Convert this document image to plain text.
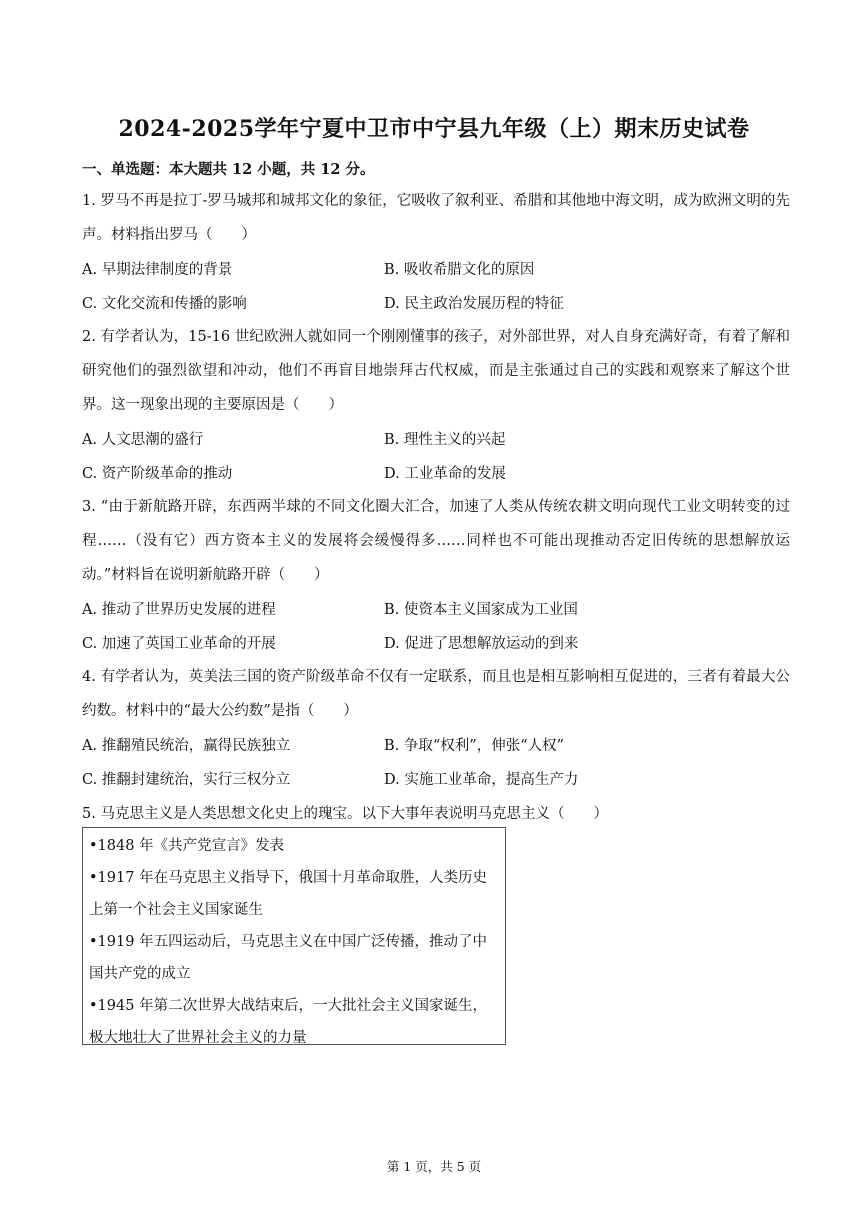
2024-2025学年宁夏中卫市中宁县九年级（上）期末历史试卷
一、单选题：本大题共 12 小题，共 12 分。
1. 罗马不再是拉丁-罗马城邦和城邦文化的象征，它吸收了叙利亚、希腊和其他地中海文明，成为欧洲文明的先声。材料指出罗马（　　）
A. 早期法律制度的背景	B. 吸收希腊文化的原因
C. 文化交流和传播的影响	D. 民主政治发展历程的特征
2. 有学者认为，15-16 世纪欧洲人就如同一个刚刚懂事的孩子，对外部世界，对人自身充满好奇，有着了解和研究他们的强烈欲望和冲动，他们不再盲目地崇拜古代权威，而是主张通过自己的实践和观察来了解这个世界。这一现象出现的主要原因是（　　）
A. 人文思潮的盛行	B. 理性主义的兴起
C. 资产阶级革命的推动	D. 工业革命的发展
3. “由于新航路开辟，东西两半球的不同文化圈大汇合，加速了人类从传统农耕文明向现代工业文明转变的过程……（没有它）西方资本主义的发展将会缓慢得多……同样也不可能出现推动否定旧传统的思想解放运动。”材料旨在说明新航路开辟（　　）
A. 推动了世界历史发展的进程	B. 使资本主义国家成为工业国
C. 加速了英国工业革命的开展	D. 促进了思想解放运动的到来
4. 有学者认为，英美法三国的资产阶级革命不仅有一定联系，而且也是相互影响相互促进的，三者有着最大公约数。材料中的“最大公约数”是指（　　）
A. 推翻殖民统治，赢得民族独立	B. 争取“权利”，伸张“人权”
C. 推翻封建统治，实行三权分立	D. 实施工业革命，提高生产力
5. 马克思主义是人类思想文化史上的瑰宝。以下大事年表说明马克思主义（　　）

•1848 年《共产党宣言》发表

•1917 年在马克思主义指导下，俄国十月革命取胜，人类历史上第一个社会主义国家诞生

•1919 年五四运动后，马克思主义在中国广泛传播，推动了中国共产党的成立

•1945 年第二次世界大战结束后，一大批社会主义国家诞生，极大地壮大了世界社会主义的力量

第 1 页，共 5 页
